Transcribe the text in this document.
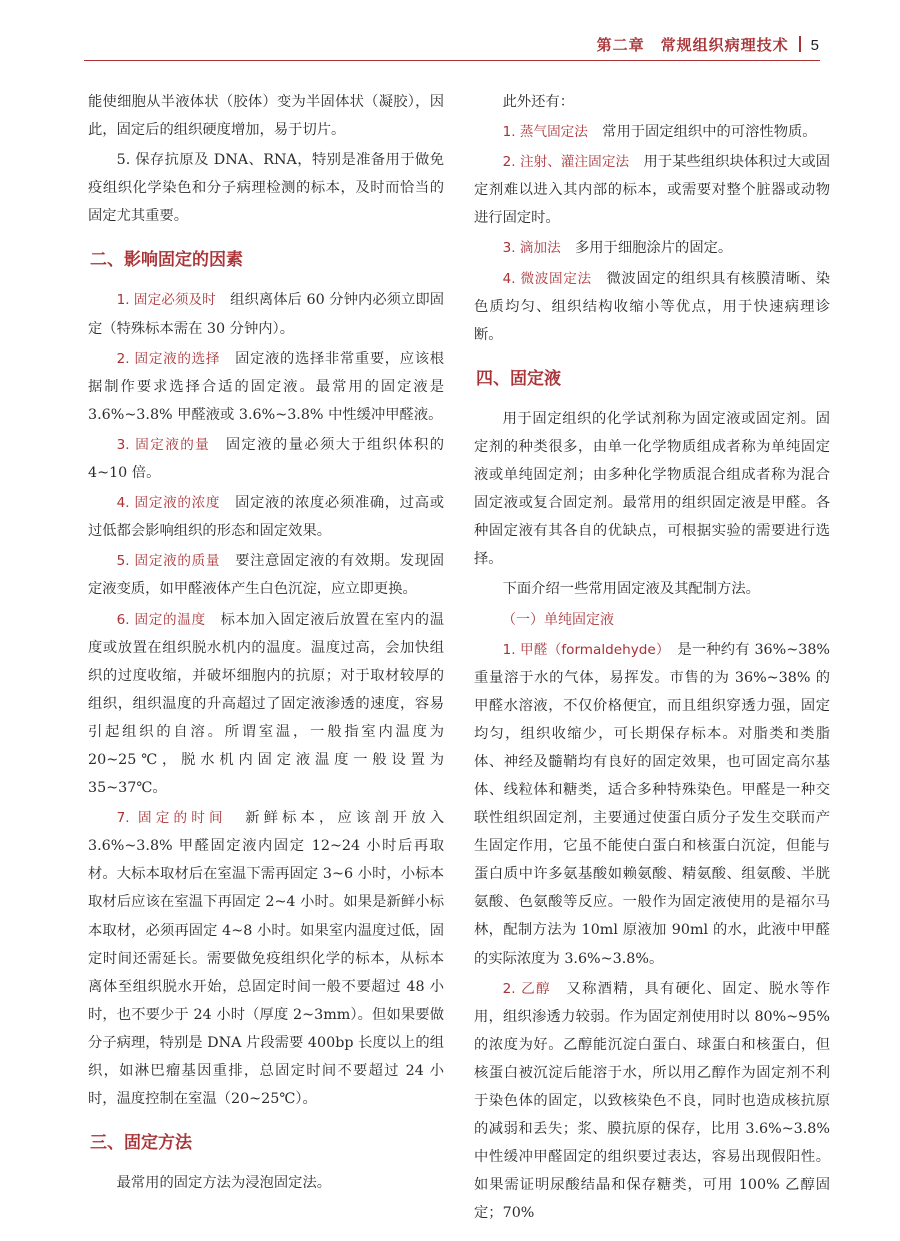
第二章　常规组织病理技术 5

能使细胞从半液体状（胶体）变为半固体状（凝胶），因此，固定后的组织硬度增加，易于切片。

5. 保存抗原及 DNA、RNA，特别是准备用于做免疫组织化学染色和分子病理检测的标本，及时而恰当的固定尤其重要。

二、影响固定的因素

1. 固定必须及时　组织离体后 60 分钟内必须立即固定（特殊标本需在 30 分钟内）。

2. 固定液的选择　固定液的选择非常重要，应该根据制作要求选择合适的固定液。最常用的固定液是 3.6%~3.8% 甲醛液或 3.6%~3.8% 中性缓冲甲醛液。

3. 固定液的量　固定液的量必须大于组织体积的 4~10 倍。

4. 固定液的浓度　固定液的浓度必须准确，过高或过低都会影响组织的形态和固定效果。

5. 固定液的质量　要注意固定液的有效期。发现固定液变质，如甲醛液体产生白色沉淀，应立即更换。

6. 固定的温度　标本加入固定液后放置在室内的温度或放置在组织脱水机内的温度。温度过高，会加快组织的过度收缩，并破坏细胞内的抗原；对于取材较厚的组织，组织温度的升高超过了固定液渗透的速度，容易引起组织的自溶。所谓室温，一般指室内温度为 20~25℃，脱水机内固定液温度一般设置为 35~37℃。

7. 固定的时间　新鲜标本，应该剖开放入 3.6%~3.8% 甲醛固定液内固定 12~24 小时后再取材。大标本取材后在室温下需再固定 3~6 小时，小标本取材后应该在室温下再固定 2~4 小时。如果是新鲜小标本取材，必须再固定 4~8 小时。如果室内温度过低，固定时间还需延长。需要做免疫组织化学的标本，从标本离体至组织脱水开始，总固定时间一般不要超过 48 小时，也不要少于 24 小时（厚度 2~3mm）。但如果要做分子病理，特别是 DNA 片段需要 400bp 长度以上的组织，如淋巴瘤基因重排，总固定时间不要超过 24 小时，温度控制在室温（20~25℃）。

三、固定方法

最常用的固定方法为浸泡固定法。

此外还有：

1. 蒸气固定法　常用于固定组织中的可溶性物质。

2. 注射、灌注固定法　用于某些组织块体积过大或固定剂难以进入其内部的标本，或需要对整个脏器或动物进行固定时。

3. 滴加法　多用于细胞涂片的固定。

4. 微波固定法　微波固定的组织具有核膜清晰、染色质均匀、组织结构收缩小等优点，用于快速病理诊断。

四、固定液

用于固定组织的化学试剂称为固定液或固定剂。固定剂的种类很多，由单一化学物质组成者称为单纯固定液或单纯固定剂；由多种化学物质混合组成者称为混合固定液或复合固定剂。最常用的组织固定液是甲醛。各种固定液有其各自的优缺点，可根据实验的需要进行选择。

下面介绍一些常用固定液及其配制方法。

（一）单纯固定液

1. 甲醛（formaldehyde）　是一种约有 36%~38% 重量溶于水的气体，易挥发。市售的为 36%~38% 的甲醛水溶液，不仅价格便宜，而且组织穿透力强，固定均匀，组织收缩少，可长期保存标本。对脂类和类脂体、神经及髓鞘均有良好的固定效果，也可固定高尔基体、线粒体和糖类，适合多种特殊染色。甲醛是一种交联性组织固定剂，主要通过使蛋白质分子发生交联而产生固定作用，它虽不能使白蛋白和核蛋白沉淀，但能与蛋白质中许多氨基酸如赖氨酸、精氨酸、组氨酸、半胱氨酸、色氨酸等反应。一般作为固定液使用的是福尔马林，配制方法为 10ml 原液加 90ml 的水，此液中甲醛的实际浓度为 3.6%~3.8%。

2. 乙醇　又称酒精，具有硬化、固定、脱水等作用，组织渗透力较弱。作为固定剂使用时以 80%~95% 的浓度为好。乙醇能沉淀白蛋白、球蛋白和核蛋白，但核蛋白被沉淀后能溶于水，所以用乙醇作为固定剂不利于染色体的固定，以致核染色不良，同时也造成核抗原的减弱和丢失；浆、膜抗原的保存，比用 3.6%~3.8% 中性缓冲甲醛固定的组织要过表达，容易出现假阳性。如果需证明尿酸结晶和保存糖类，可用 100% 乙醇固定；70%
